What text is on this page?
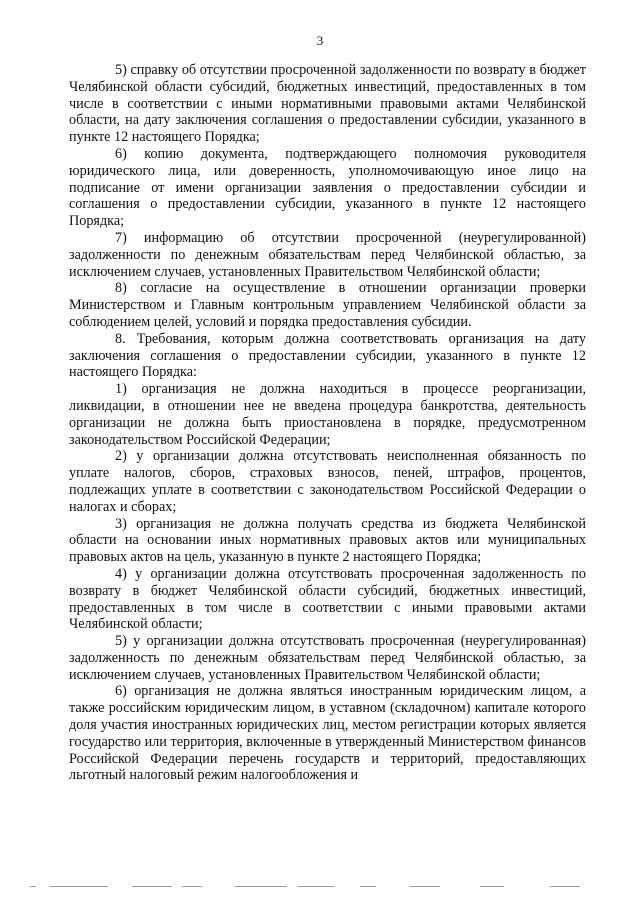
3

5) справку об отсутствии просроченной задолженности по возврату в бюджет Челябинской области субсидий, бюджетных инвестиций, предоставленных в том числе в соответствии с иными нормативными правовыми актами Челябинской области, на дату заключения соглашения о предоставлении субсидии, указанного в пункте 12 настоящего Порядка;

6) копию документа, подтверждающего полномочия руководителя юридического лица, или доверенность, уполномочивающую иное лицо на подписание от имени организации заявления о предоставлении субсидии и соглашения о предоставлении субсидии, указанного в пункте 12 настоящего Порядка;

7) информацию об отсутствии просроченной (неурегулированной) задолженности по денежным обязательствам перед Челябинской областью, за исключением случаев, установленных Правительством Челябинской области;

8) согласие на осуществление в отношении организации проверки Министерством и Главным контрольным управлением Челябинской области за соблюдением целей, условий и порядка предоставления субсидии.

8. Требования, которым должна соответствовать организация на дату заключения соглашения о предоставлении субсидии, указанного в пункте 12 настоящего Порядка:

1) организация не должна находиться в процессе реорганизации, ликвидации, в отношении нее не введена процедура банкротства, деятельность организации не должна быть приостановлена в порядке, предусмотренном законодательством Российской Федерации;

2) у организации должна отсутствовать неисполненная обязанность по уплате налогов, сборов, страховых взносов, пеней, штрафов, процентов, подлежащих уплате в соответствии с законодательством Российской Федерации о налогах и сборах;

3) организация не должна получать средства из бюджета Челябинской области на основании иных нормативных правовых актов или муниципальных правовых актов на цель, указанную в пункте 2 настоящего Порядка;

4) у организации должна отсутствовать просроченная задолженность по возврату в бюджет Челябинской области субсидий, бюджетных инвестиций, предоставленных в том числе в соответствии с иными правовыми актами Челябинской области;

5) у организации должна отсутствовать просроченная (неурегулированная) задолженность по денежным обязательствам перед Челябинской областью, за исключением случаев, установленных Правительством Челябинской области;

6) организация не должна являться иностранным юридическим лицом, а также российским юридическим лицом, в уставном (складочном) капитале которого доля участия иностранных юридических лиц, местом регистрации которых является государство или территория, включенные в утвержденный Министерством финансов Российской Федерации перечень государств и территорий, предоставляющих льготный налоговый режим налогообложения и
